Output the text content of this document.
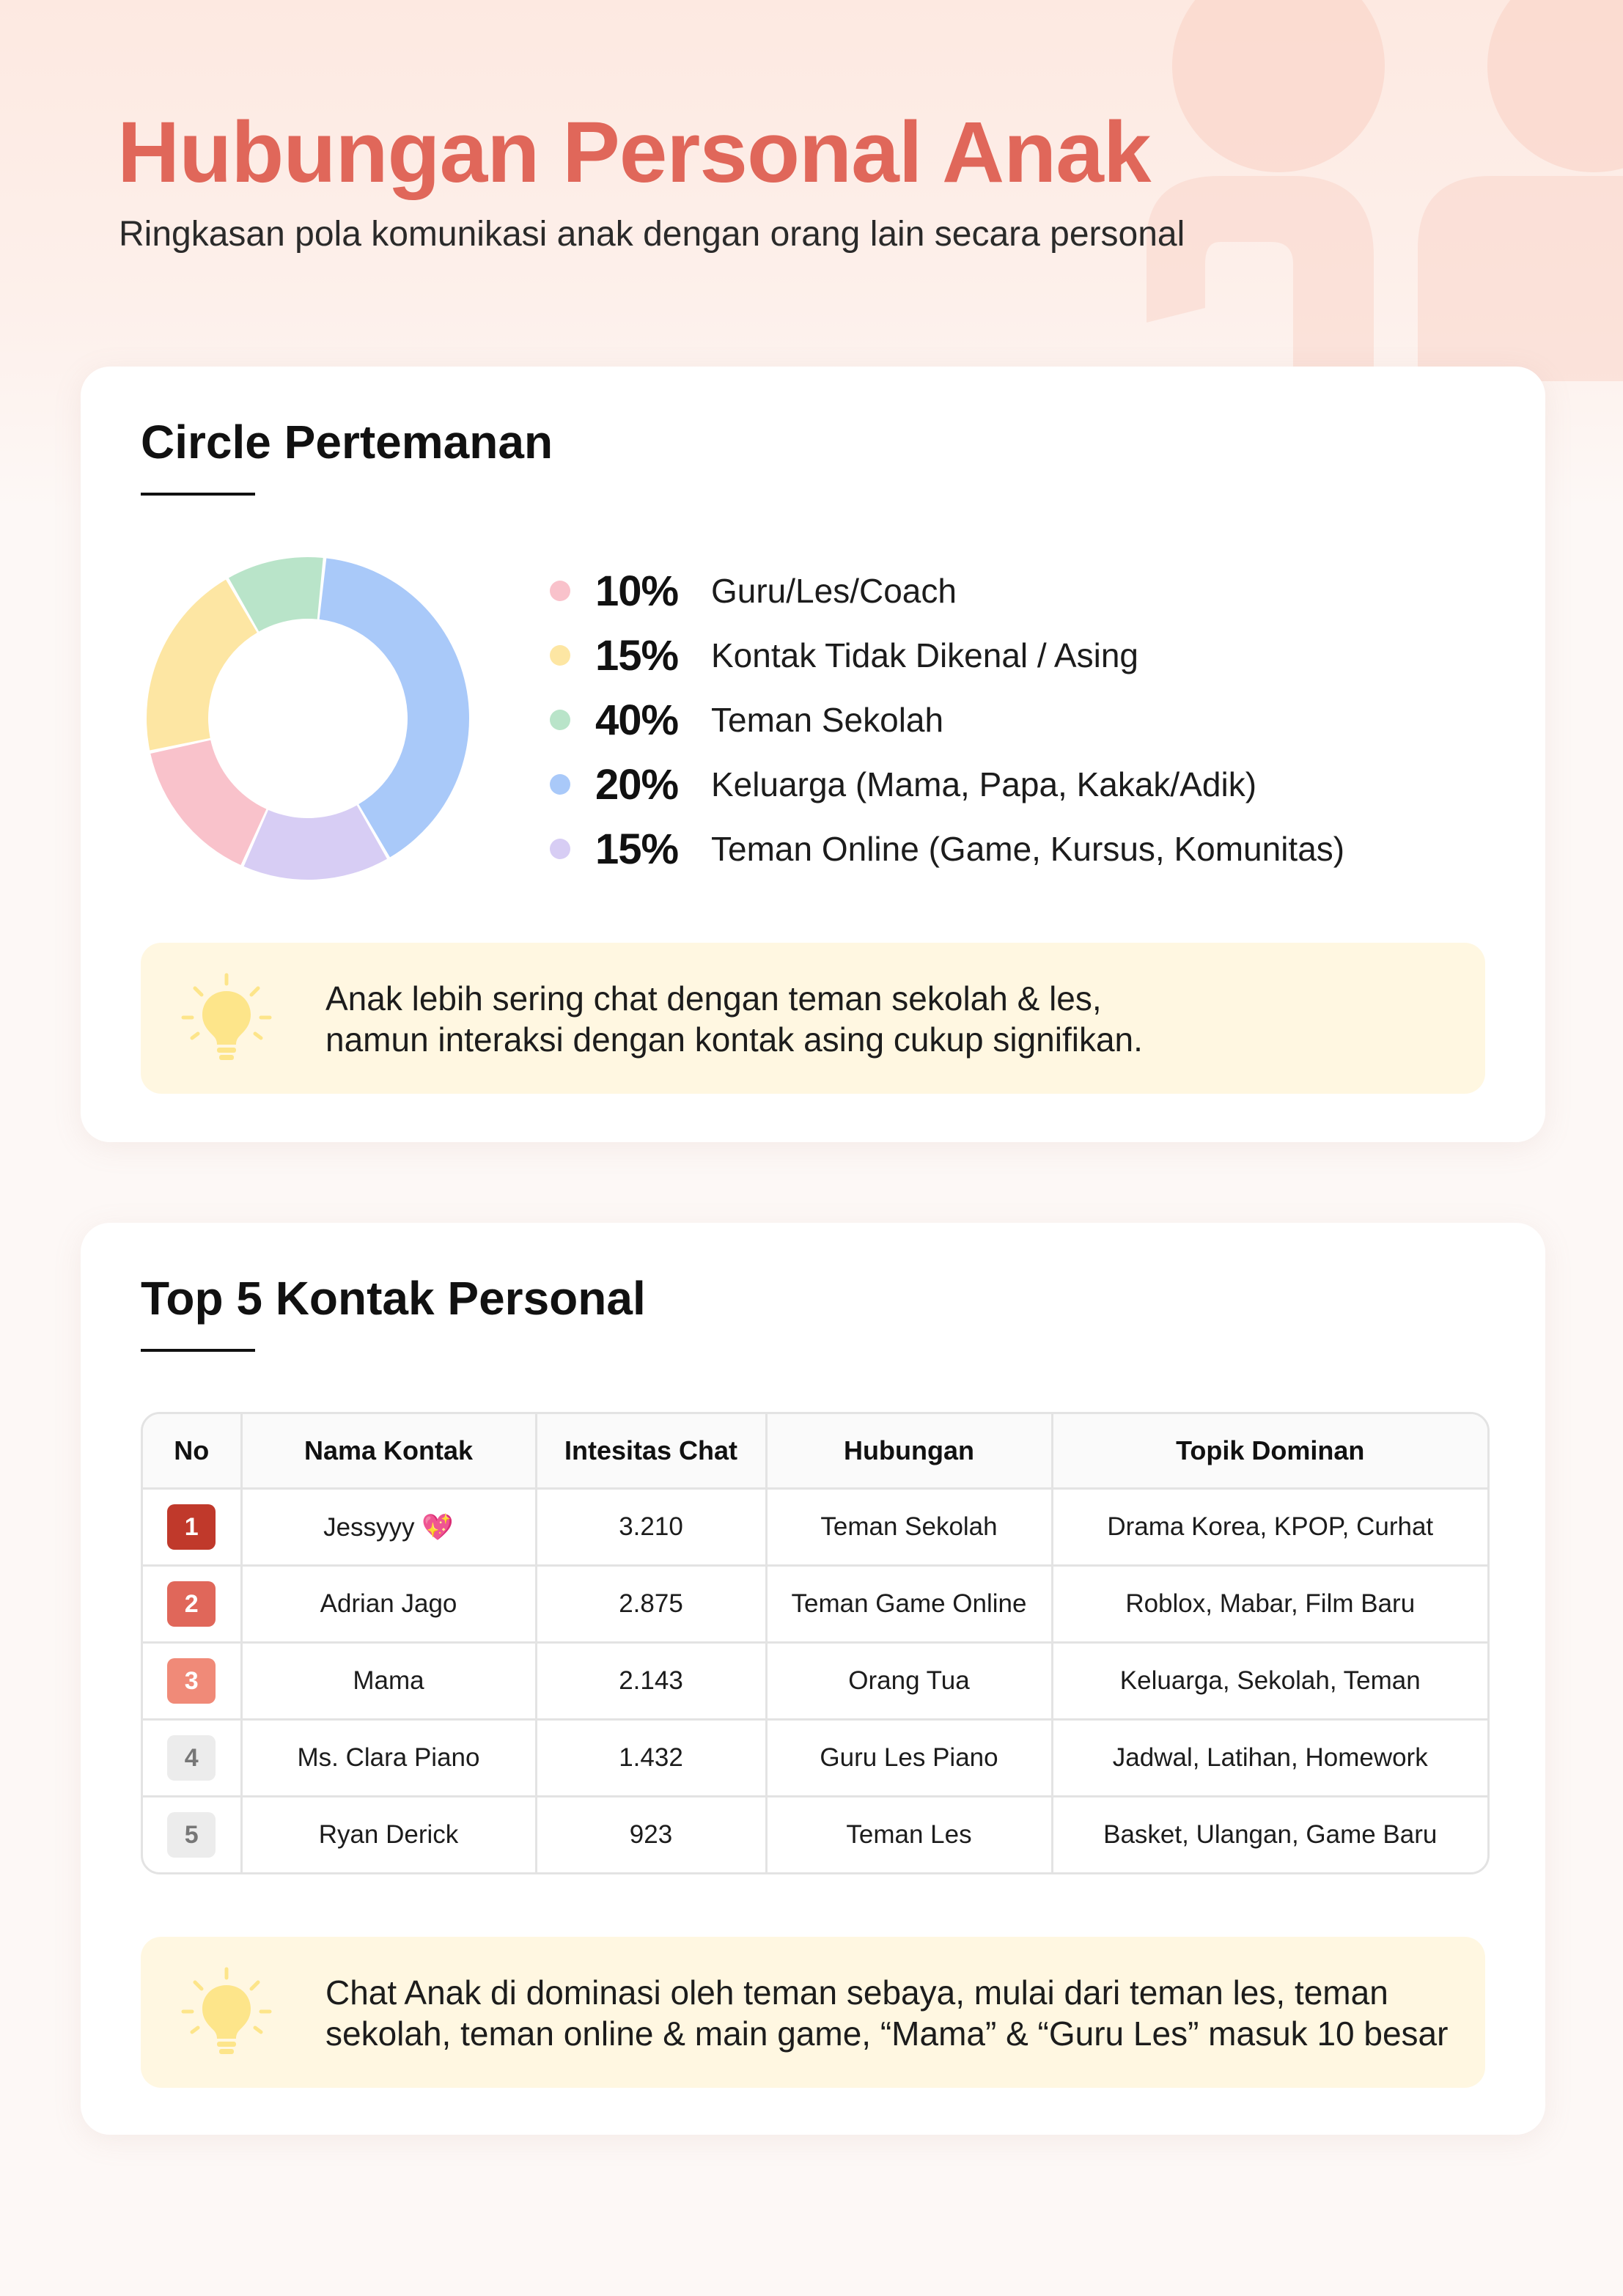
Hubungan Personal Anak

Ringkasan pola komunikasi anak dengan orang lain secara personal

Circle Pertemanan
10% Guru/Les/Coach
15% Kontak Tidak Dikenal / Asing
40% Teman Sekolah
20% Keluarga (Mama, Papa, Kakak/Adik)
15% Teman Online (Game, Kursus, Komunitas)

Anak lebih sering chat dengan teman sekolah & les,
namun interaksi dengan kontak asing cukup signifikan.

Top 5 Kontak Personal
No	Nama Kontak	Intesitas Chat	Hubungan	Topik Dominan
1	Jessyyy 💖	3.210	Teman Sekolah	Drama Korea, KPOP, Curhat
2	Adrian Jago	2.875	Teman Game Online	Roblox, Mabar, Film Baru
3	Mama	2.143	Orang Tua	Keluarga, Sekolah, Teman
4	Ms. Clara Piano	1.432	Guru Les Piano	Jadwal, Latihan, Homework
5	Ryan Derick	923	Teman Les	Basket, Ulangan, Game Baru

Chat Anak di dominasi oleh teman sebaya, mulai dari teman les, teman
sekolah, teman online & main game, “Mama” & “Guru Les” masuk 10 besar
